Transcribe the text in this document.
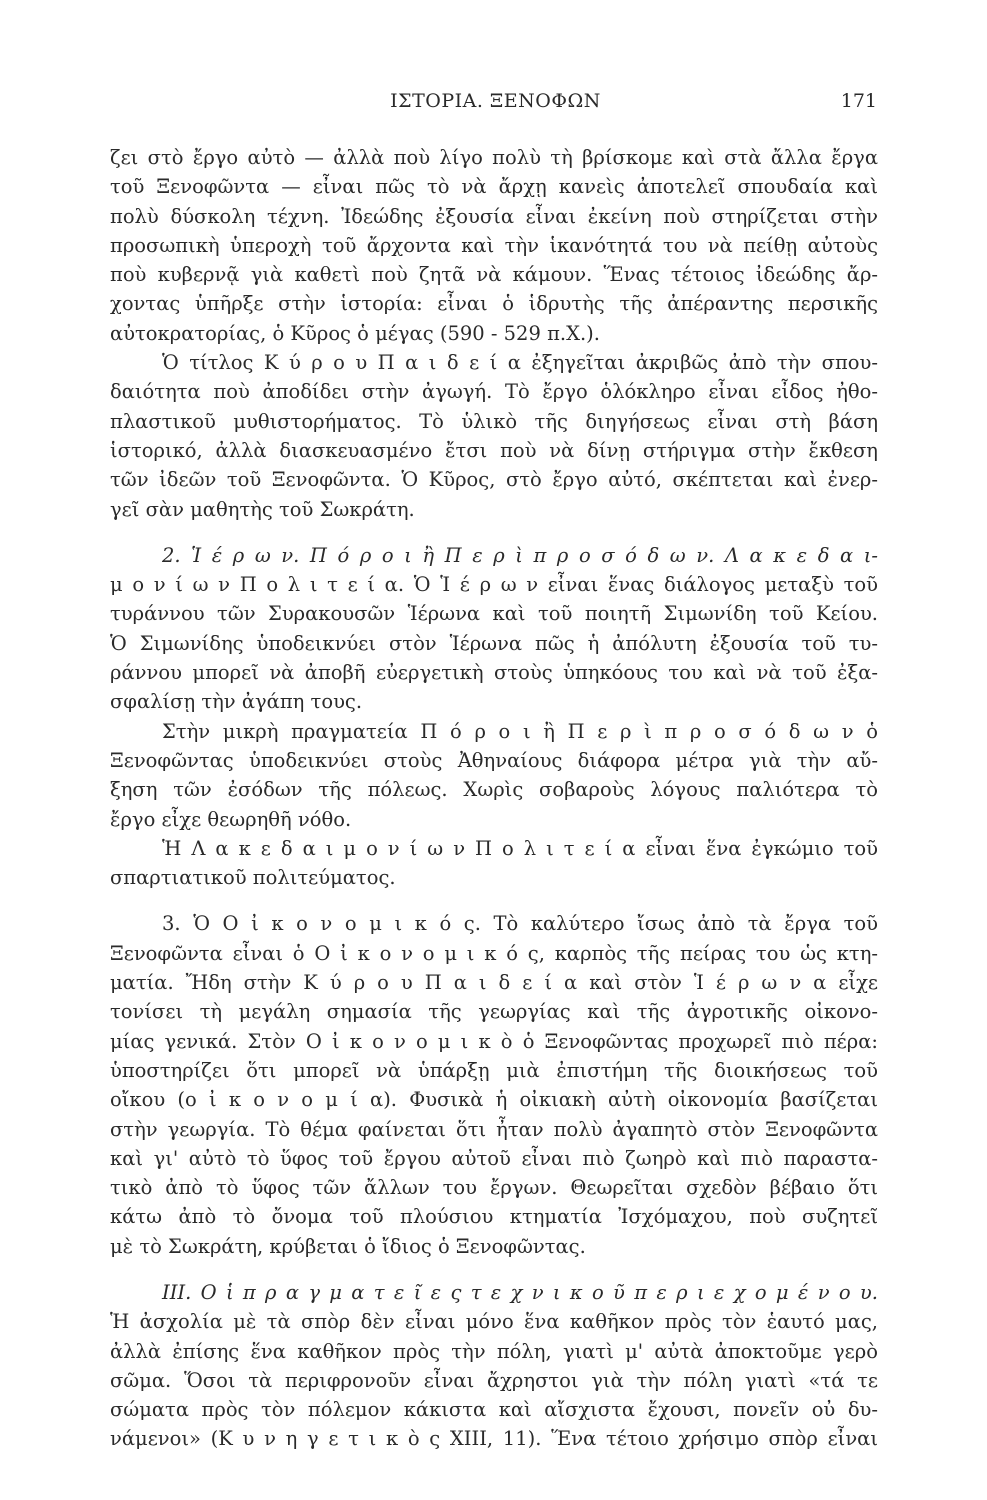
ΙΣΤΟΡΙΑ. ΞΕΝΟΦΩΝ	171
ζει στὸ ἔργο αὐτὸ — ἀλλὰ ποὺ λίγο πολὺ τὴ βρίσκομε καὶ στὰ ἄλλα ἔργα
τοῦ Ξενοφῶντα — εἶναι πῶς τὸ νὰ ἄρχῃ κανεὶς ἀποτελεῖ σπουδαία καὶ
πολὺ δύσκολη τέχνη. Ἰδεώδης ἐξουσία εἶναι ἐκείνη ποὺ στηρίζεται στὴν
προσωπικὴ ὑπεροχὴ τοῦ ἄρχοντα καὶ τὴν ἱκανότητά του νὰ πείθῃ αὐτοὺς
ποὺ κυβερνᾷ γιὰ καθετὶ ποὺ ζητᾶ νὰ κάμουν. Ἕνας τέτοιος ἰδεώδης ἄρ-
χοντας ὑπῆρξε στὴν ἱστορία: εἶναι ὁ ἱδρυτὴς τῆς ἀπέραντης περσικῆς
αὐτοκρατορίας, ὁ Κῦρος ὁ μέγας (590 - 529 π.Χ.).
Ὁ τίτλος Κ ύ ρ ο υ Π α ι δ ε ί α ἐξηγεῖται ἀκριβῶς ἀπὸ τὴν σπου-
δαιότητα ποὺ ἀποδίδει στὴν ἀγωγή. Τὸ ἔργο ὁλόκληρο εἶναι εἶδος ἠθο-
πλαστικοῦ μυθιστορήματος. Τὸ ὑλικὸ τῆς διηγήσεως εἶναι στὴ βάση
ἱστορικό, ἀλλὰ διασκευασμένο ἔτσι ποὺ νὰ δίνῃ στήριγμα στὴν ἔκθεση
τῶν ἰδεῶν τοῦ Ξενοφῶντα. Ὁ Κῦρος, στὸ ἔργο αὐτό, σκέπτεται καὶ ἐνερ-
γεῖ σὰν μαθητὴς τοῦ Σωκράτη.
2. Ἱ έ ρ ω ν. Π ό ρ ο ι ἢ Π ε ρ ὶ π ρ ο σ ό δ ω ν. Λ α κ ε δ α ι-
μ ο ν ί ω ν Π ο λ ι τ ε ί α. Ὁ Ἱ έ ρ ω ν εἶναι ἕνας διάλογος μεταξὺ τοῦ
τυράννου τῶν Συρακουσῶν Ἱέρωνα καὶ τοῦ ποιητῆ Σιμωνίδη τοῦ Κείου.
Ὁ Σιμωνίδης ὑποδεικνύει στὸν Ἱέρωνα πῶς ἡ ἀπόλυτη ἐξουσία τοῦ τυ-
ράννου μπορεῖ νὰ ἀποβῆ εὐεργετικὴ στοὺς ὑπηκόους του καὶ νὰ τοῦ ἐξα-
σφαλίσῃ τὴν ἀγάπη τους.
Στὴν μικρὴ πραγματεία Π ό ρ ο ι ἢ Π ε ρ ὶ π ρ ο σ ό δ ω ν ὁ
Ξενοφῶντας ὑποδεικνύει στοὺς Ἀθηναίους διάφορα μέτρα γιὰ τὴν αὔ-
ξηση τῶν ἐσόδων τῆς πόλεως. Χωρὶς σοβαροὺς λόγους παλιότερα τὸ
ἔργο εἶχε θεωρηθῆ νόθο.
Ἡ Λ α κ ε δ α ι μ ο ν ί ω ν Π ο λ ι τ ε ί α εἶναι ἕνα ἐγκώμιο τοῦ
σπαρτιατικοῦ πολιτεύματος.
3. Ὁ Ο ἰ κ ο ν ο μ ι κ ό ς. Τὸ καλύτερο ἴσως ἀπὸ τὰ ἔργα τοῦ
Ξενοφῶντα εἶναι ὁ Ο ἰ κ ο ν ο μ ι κ ό ς, καρπὸς τῆς πείρας του ὡς κτη-
ματία. Ἤδη στὴν Κ ύ ρ ο υ Π α ι δ ε ί α καὶ στὸν Ἱ έ ρ ω ν α εἶχε
τονίσει τὴ μεγάλη σημασία τῆς γεωργίας καὶ τῆς ἀγροτικῆς οἰκονο-
μίας γενικά. Στὸν Ο ἰ κ ο ν ο μ ι κ ὸ ὁ Ξενοφῶντας προχωρεῖ πιὸ πέρα:
ὑποστηρίζει ὅτι μπορεῖ νὰ ὑπάρξῃ μιὰ ἐπιστήμη τῆς διοικήσεως τοῦ
οἴκου (ο ἰ κ ο ν ο μ ί α). Φυσικὰ ἡ οἰκιακὴ αὐτὴ οἰκονομία βασίζεται
στὴν γεωργία. Τὸ θέμα φαίνεται ὅτι ἦταν πολὺ ἀγαπητὸ στὸν Ξενοφῶντα
καὶ γι' αὐτὸ τὸ ὕφος τοῦ ἔργου αὐτοῦ εἶναι πιὸ ζωηρὸ καὶ πιὸ παραστα-
τικὸ ἀπὸ τὸ ὕφος τῶν ἄλλων του ἔργων. Θεωρεῖται σχεδὸν βέβαιο ὅτι
κάτω ἀπὸ τὸ ὄνομα τοῦ πλούσιου κτηματία Ἰσχόμαχου, ποὺ συζητεῖ
μὲ τὸ Σωκράτη, κρύβεται ὁ ἴδιος ὁ Ξενοφῶντας.
ΙΙΙ. Ο ἱ π ρ α γ μ α τ ε ῖ ε ς τ ε χ ν ι κ ο ῦ π ε ρ ι ε χ ο μ έ ν ο υ.
Ἡ ἀσχολία μὲ τὰ σπὸρ δὲν εἶναι μόνο ἕνα καθῆκον πρὸς τὸν ἑαυτό μας,
ἀλλὰ ἐπίσης ἕνα καθῆκον πρὸς τὴν πόλη, γιατὶ μ' αὐτὰ ἀποκτοῦμε γερὸ
σῶμα. Ὅσοι τὰ περιφρονοῦν εἶναι ἄχρηστοι γιὰ τὴν πόλη γιατὶ «τά τε
σώματα πρὸς τὸν πόλεμον κάκιστα καὶ αἴσχιστα ἔχουσι, πονεῖν οὐ δυ-
νάμενοι» (Κ υ ν η γ ε τ ι κ ὸ ς XIII, 11). Ἕνα τέτοιο χρήσιμο σπὸρ εἶναι
